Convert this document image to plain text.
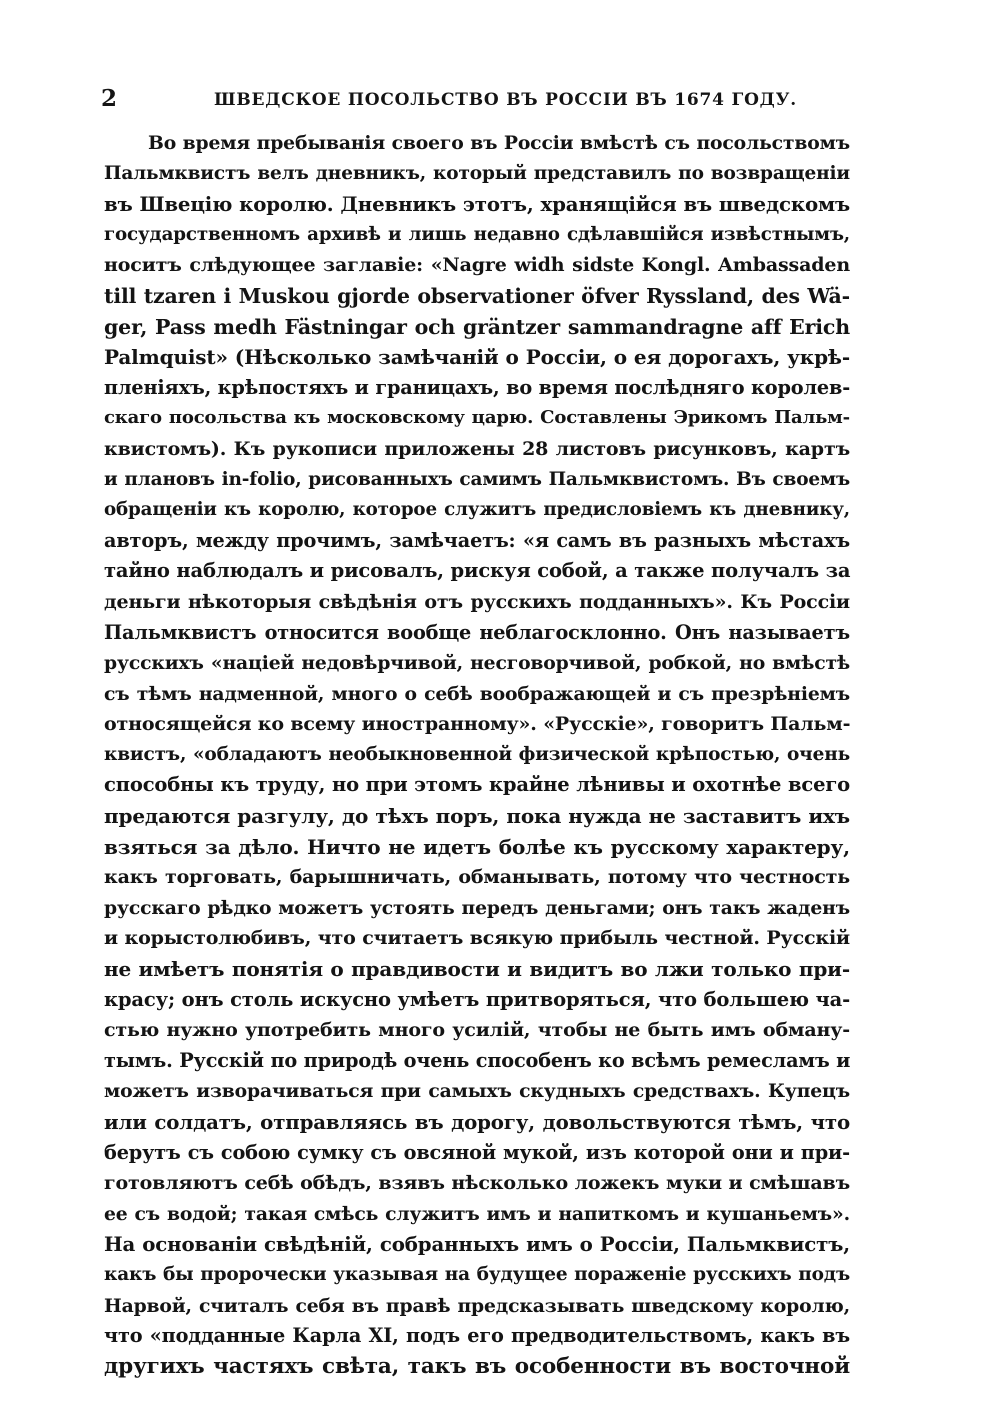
2	ШВЕДСКОЕ ПОСОЛЬСТВО ВЪ РОССІИ ВЪ 1674 ГОДУ.
Во время пребыванія своего въ Россіи вмѣстѣ съ посольствомъ
Пальмквистъ велъ дневникъ, который представилъ по возвращеніи
въ Швецію королю. Дневникъ этотъ, хранящійся въ шведскомъ
государственномъ архивѣ и лишь недавно сдѣлавшійся извѣстнымъ,
носитъ слѣдующее заглавіе: «Nagre widh sidste Kongl. Ambassaden
till tzaren i Muskou gjorde observationer öfver Ryssland, des Wä-
ger, Pass medh Fästningar och gräntzer sammandragne aff Erich
Palmquist» (Нѣсколько замѣчаній о Россіи, о ея дорогахъ, укрѣ-
пленіяхъ, крѣпостяхъ и границахъ, во время послѣдняго королев-
скаго посольства къ московскому царю. Составлены Эрикомъ Пальм-
квистомъ). Къ рукописи приложены 28 листовъ рисунковъ, картъ
и плановъ in-folio, рисованныхъ самимъ Пальмквистомъ. Въ своемъ
обращеніи къ королю, которое служитъ предисловіемъ къ дневнику,
авторъ, между прочимъ, замѣчаетъ: «я самъ въ разныхъ мѣстахъ
тайно наблюдалъ и рисовалъ, рискуя собой, а также получалъ за
деньги нѣкоторыя свѣдѣнія отъ русскихъ подданныхъ». Къ Россіи
Пальмквистъ относится вообще неблагосклонно. Онъ называетъ
русскихъ «націей недовѣрчивой, несговорчивой, робкой, но вмѣстѣ
съ тѣмъ надменной, много о себѣ воображающей и съ презрѣніемъ
относящейся ко всему иностранному». «Русскіе», говоритъ Пальм-
квистъ, «обладаютъ необыкновенной физической крѣпостью, очень
способны къ труду, но при этомъ крайне лѣнивы и охотнѣе всего
предаются разгулу, до тѣхъ поръ, пока нужда не заставитъ ихъ
взяться за дѣло. Ничто не идетъ болѣе къ русскому характеру,
какъ торговать, барышничать, обманывать, потому что честность
русскаго рѣдко можетъ устоять передъ деньгами; онъ такъ жаденъ
и корыстолюбивъ, что считаетъ всякую прибыль честной. Русскій
не имѣетъ понятія о правдивости и видитъ во лжи только при-
красу; онъ столь искусно умѣетъ притворяться, что большею ча-
стью нужно употребить много усилій, чтобы не быть имъ обману-
тымъ. Русскій по природѣ очень способенъ ко всѣмъ ремесламъ и
можетъ изворачиваться при самыхъ скудныхъ средствахъ. Купецъ
или солдатъ, отправляясь въ дорогу, довольствуются тѣмъ, что
берутъ съ собою сумку съ овсяной мукой, изъ которой они и при-
готовляютъ себѣ обѣдъ, взявъ нѣсколько ложекъ муки и смѣшавъ
ее съ водой; такая смѣсь служитъ имъ и напиткомъ и кушаньемъ».
На основаніи свѣдѣній, собранныхъ имъ о Россіи, Пальмквистъ,
какъ бы пророчески указывая на будущее пораженіе русскихъ подъ
Нарвой, считалъ себя въ правѣ предсказывать шведскому королю,
что «подданные Карла XI, подъ его предводительствомъ, какъ въ
другихъ частяхъ свѣта, такъ въ особенности въ восточной
